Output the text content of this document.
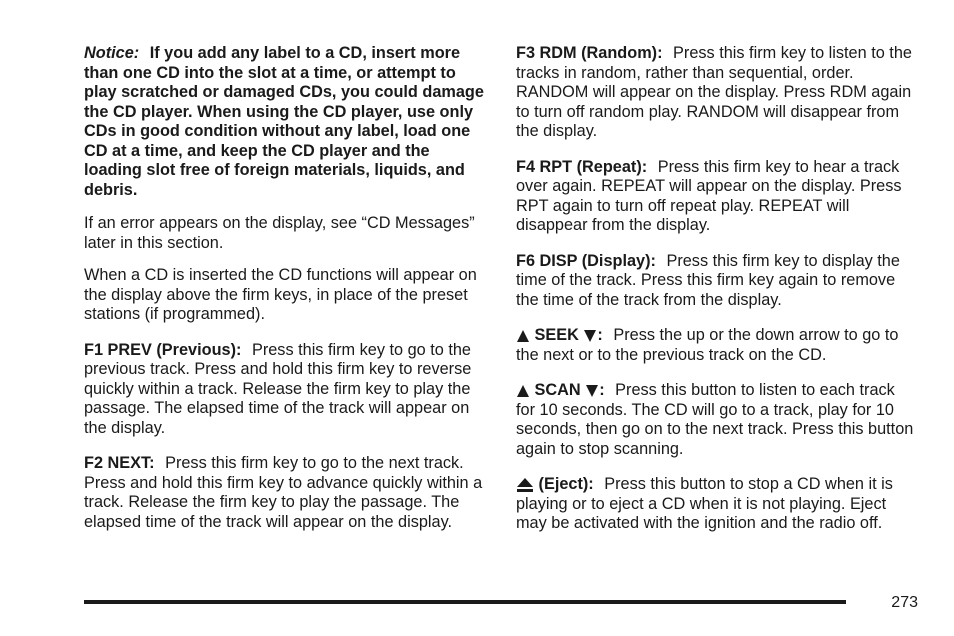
Notice: If you add any label to a CD, insert more than one CD into the slot at a time, or attempt to play scratched or damaged CDs, you could damage the CD player. When using the CD player, use only CDs in good condition without any label, load one CD at a time, and keep the CD player and the loading slot free of foreign materials, liquids, and debris.

If an error appears on the display, see “CD Messages” later in this section.

When a CD is inserted the CD functions will appear on the display above the firm keys, in place of the preset stations (if programmed).

F1 PREV (Previous): Press this firm key to go to the previous track. Press and hold this firm key to reverse quickly within a track. Release the firm key to play the passage. The elapsed time of the track will appear on the display.

F2 NEXT: Press this firm key to go to the next track. Press and hold this firm key to advance quickly within a track. Release the firm key to play the passage. The elapsed time of the track will appear on the display.

F3 RDM (Random): Press this firm key to listen to the tracks in random, rather than sequential, order. RANDOM will appear on the display. Press RDM again to turn off random play. RANDOM will disappear from the display.

F4 RPT (Repeat): Press this firm key to hear a track over again. REPEAT will appear on the display. Press RPT again to turn off repeat play. REPEAT will disappear from the display.

F6 DISP (Display): Press this firm key to display the time of the track. Press this firm key again to remove the time of the track from the display.

SEEK : Press the up or the down arrow to go to the next or to the previous track on the CD.

SCAN : Press this button to listen to each track for 10 seconds. The CD will go to a track, play for 10 seconds, then go on to the next track. Press this button again to stop scanning.

(Eject): Press this button to stop a CD when it is playing or to eject a CD when it is not playing. Eject may be activated with the ignition and the radio off.

273
